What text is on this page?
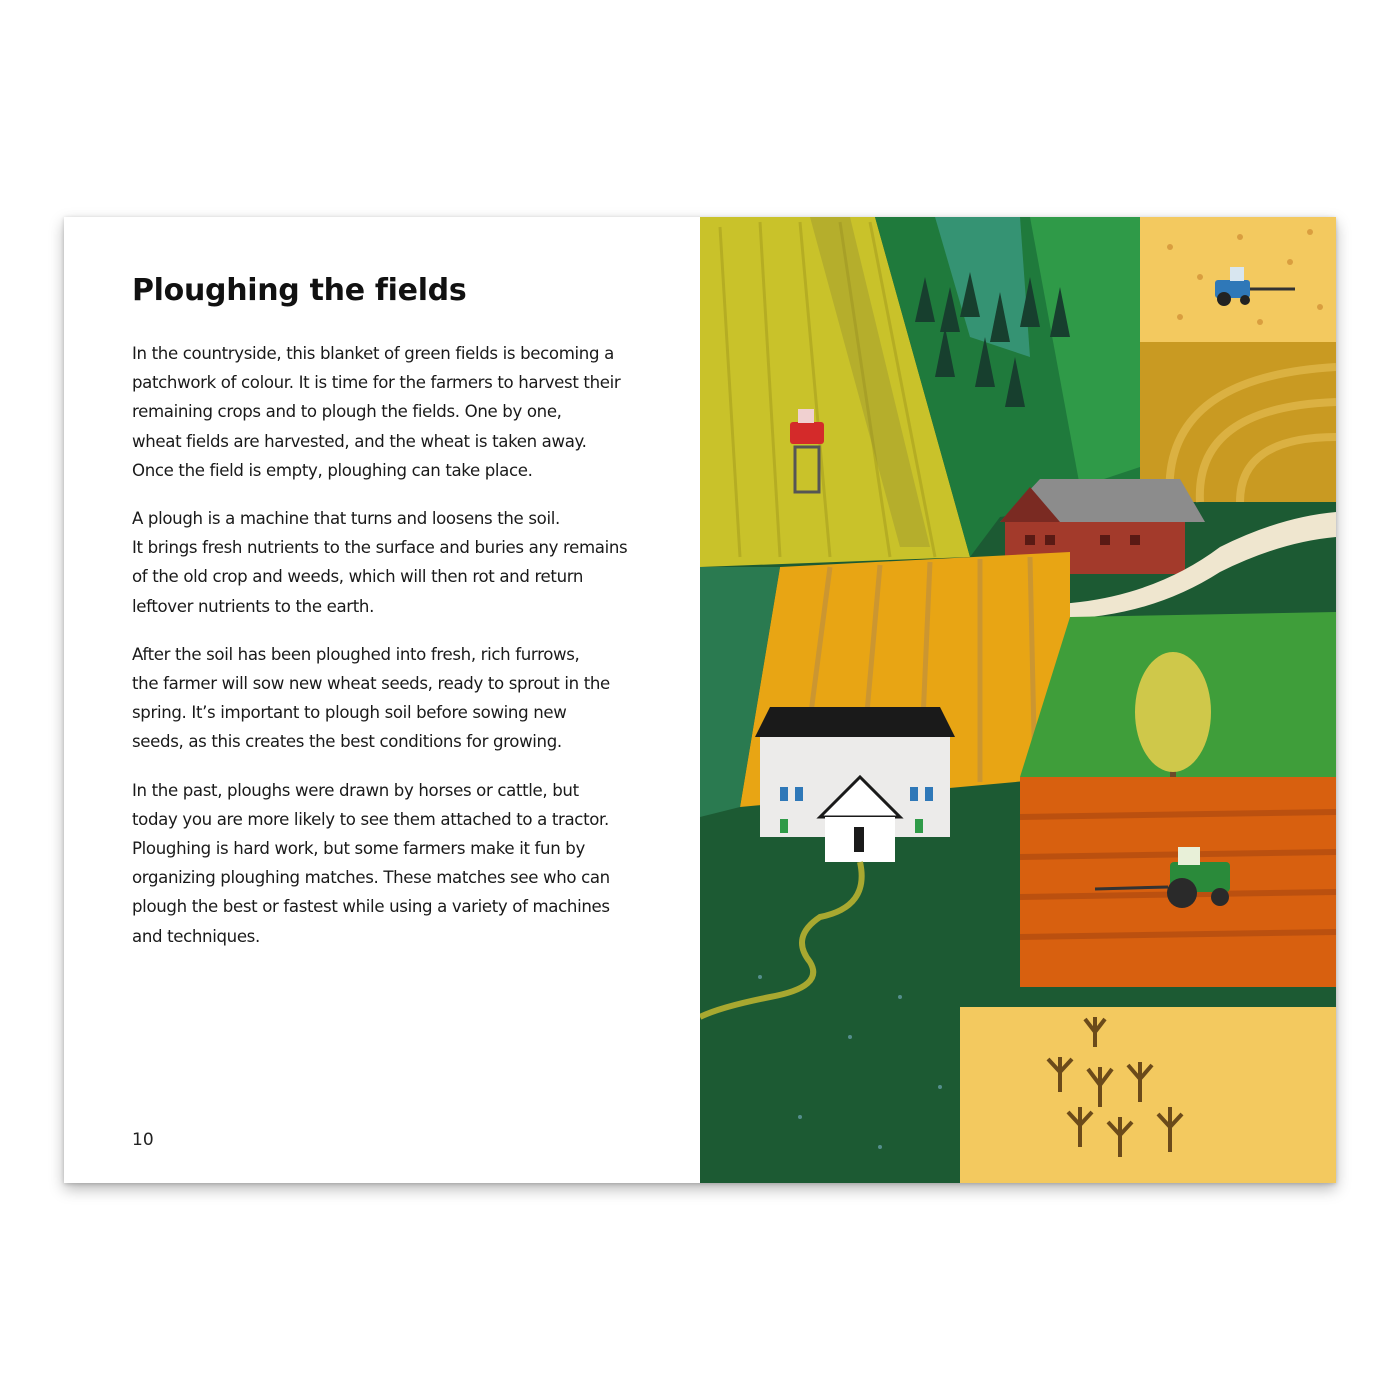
Ploughing the fields

In the countryside, this blanket of green fields is becoming a
patchwork of colour. It is time for the farmers to harvest their
remaining crops and to plough the fields. One by one,
wheat fields are harvested, and the wheat is taken away.
Once the field is empty, ploughing can take place.

A plough is a machine that turns and loosens the soil.
It brings fresh nutrients to the surface and buries any remains
of the old crop and weeds, which will then rot and return
leftover nutrients to the earth.

After the soil has been ploughed into fresh, rich furrows,
the farmer will sow new wheat seeds, ready to sprout in the
spring. It’s important to plough soil before sowing new
seeds, as this creates the best conditions for growing.

In the past, ploughs were drawn by horses or cattle, but
today you are more likely to see them attached to a tractor.
Ploughing is hard work, but some farmers make it fun by
organizing ploughing matches. These matches see who can
plough the best or fastest while using a variety of machines
and techniques.

10
